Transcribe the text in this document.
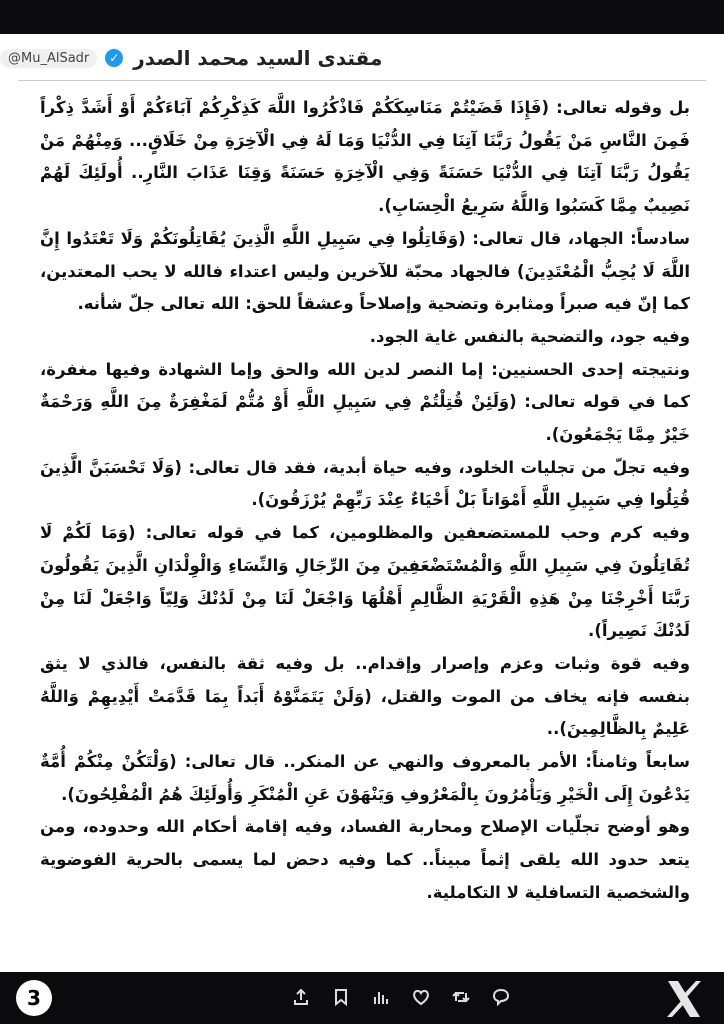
مقتدى السيد محمد الصدر
✓
@Mu_AlSadr

بل وقوله تعالى: (فَإِذَا قَضَيْتُمْ مَنَاسِكَكُمْ فَاذْكُرُوا اللَّهَ كَذِكْرِكُمْ آبَاءَكُمْ أَوْ أَشَدَّ ذِكْراً فَمِنَ النَّاسِ مَنْ يَقُولُ رَبَّنَا آتِنَا فِي الدُّنْيَا وَمَا لَهُ فِي الْآخِرَةِ مِنْ خَلَاقٍ... وَمِنْهُمْ مَنْ يَقُولُ رَبَّنَا آتِنَا فِي الدُّنْيَا حَسَنَةً وَفِي الْآخِرَةِ حَسَنَةً وَقِنَا عَذَابَ النَّارِ.. أُولَئِكَ لَهُمْ نَصِيبٌ مِمَّا كَسَبُوا وَاللَّهُ سَرِيعُ الْحِسَابِ).

سادساً: الجهاد، قال تعالى: (وَقَاتِلُوا فِي سَبِيلِ اللَّهِ الَّذِينَ يُقَاتِلُونَكُمْ وَلَا تَعْتَدُوا إِنَّ اللَّهَ لَا يُحِبُّ الْمُعْتَدِينَ) فالجهاد محبّة للآخرين وليس اعتداء فالله لا يحب المعتدين، كما إنّ فيه صبراً ومثابرة وتضحية وإصلاحاً وعشقاً للحق: الله تعالى جلّ شأنه.

وفيه جود، والتضحية بالنفس غاية الجود.

ونتيجته إحدى الحسنيين: إما النصر لدين الله والحق وإما الشهادة وفيها مغفرة، كما في قوله تعالى: (وَلَئِنْ قُتِلْتُمْ فِي سَبِيلِ اللَّهِ أَوْ مُتُّمْ لَمَغْفِرَةٌ مِنَ اللَّهِ وَرَحْمَةٌ خَيْرٌ مِمَّا يَجْمَعُونَ).

وفيه تجلّ من تجليات الخلود، وفيه حياة أبدية، فقد قال تعالى: (وَلَا تَحْسَبَنَّ الَّذِينَ قُتِلُوا فِي سَبِيلِ اللَّهِ أَمْوَاتاً بَلْ أَحْيَاءٌ عِنْدَ رَبِّهِمْ يُرْزَقُونَ).

وفيه كرم وحب للمستضعفين والمظلومين، كما في قوله تعالى: (وَمَا لَكُمْ لَا تُقَاتِلُونَ فِي سَبِيلِ اللَّهِ وَالْمُسْتَضْعَفِينَ مِنَ الرِّجَالِ وَالنِّسَاءِ وَالْوِلْدَانِ الَّذِينَ يَقُولُونَ رَبَّنَا أَخْرِجْنَا مِنْ هَذِهِ الْقَرْيَةِ الظَّالِمِ أَهْلُهَا وَاجْعَلْ لَنَا مِنْ لَدُنْكَ وَلِيّاً وَاجْعَلْ لَنَا مِنْ لَدُنْكَ نَصِيراً).

وفيه قوة وثبات وعزم وإصرار وإقدام.. بل وفيه ثقة بالنفس، فالذي لا يثق بنفسه فإنه يخاف من الموت والقتل، (وَلَنْ يَتَمَنَّوْهُ أَبَداً بِمَا قَدَّمَتْ أَيْدِيهِمْ وَاللَّهُ عَلِيمٌ بِالظَّالِمِينَ)..

سابعاً وثامناً: الأمر بالمعروف والنهي عن المنكر.. قال تعالى: (وَلْتَكُنْ مِنْكُمْ أُمَّةٌ يَدْعُونَ إِلَى الْخَيْرِ وَيَأْمُرُونَ بِالْمَعْرُوفِ وَيَنْهَوْنَ عَنِ الْمُنْكَرِ وَأُولَئِكَ هُمُ الْمُفْلِحُونَ).

وهو أوضح تجلّيات الإصلاح ومحاربة الفساد، وفيه إقامة أحكام الله وحدوده، ومن يتعد حدود الله يلقى إثماً مبيناً.. كما وفيه دحض لما يسمى بالحرية الفوضوية والشخصية التسافلية لا التكاملية.

3
